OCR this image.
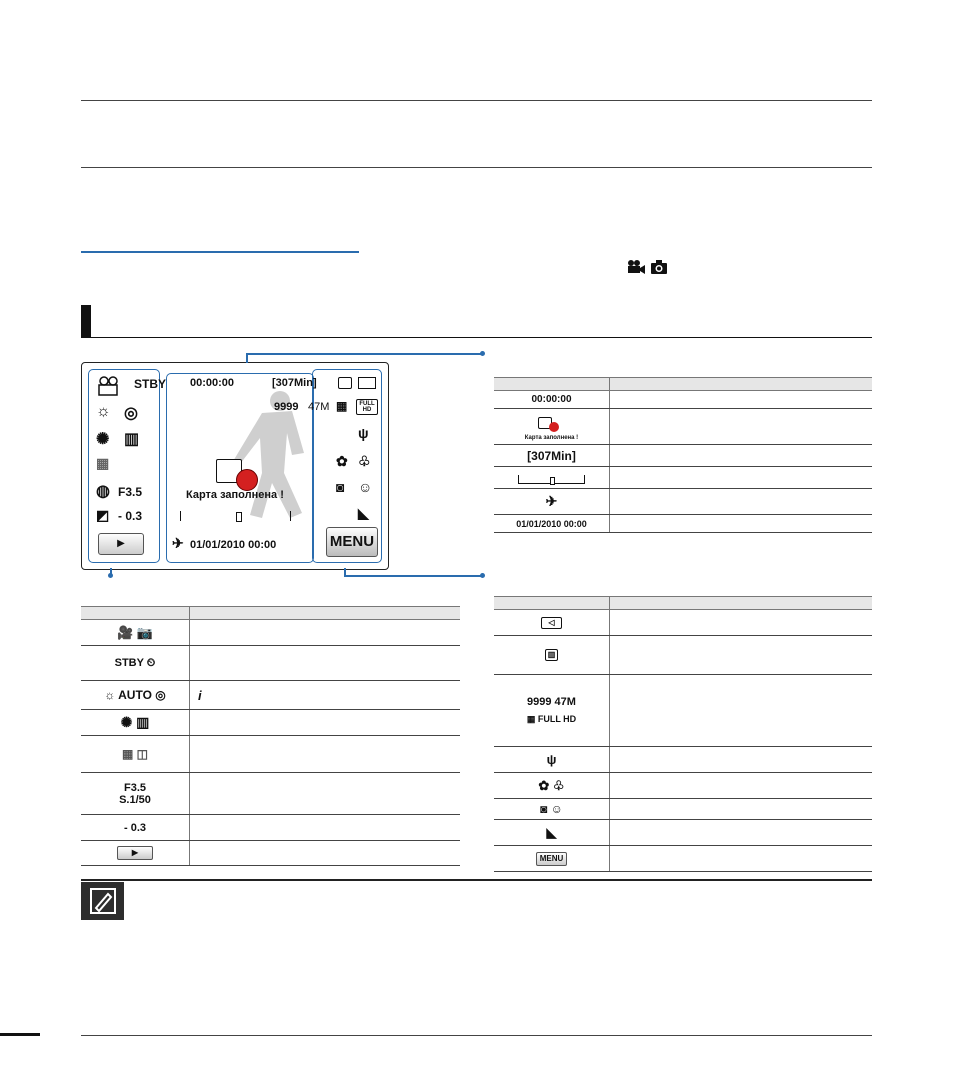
STBY
☼ ◎
✺ ▥
▦
◍ F3.5
◩ - 0.3
▶
00:00:00	[307Min]
Карта заполнена !
✈ 01/01/2010 00:00
9999 47M ▦	FULL HD
ψ
✿ ♧
◙ ☺
◣
MENU

00:00:00	

Карта заполнена !	

[307Min]	

✈	
01/01/2010 00:00	

🎥 📷	
STBY ⏲	
☼ AUTO ◎	i
✺ ▥	
▦ ◫	

F3.5
S.1/50	

- 0.3	
▶	

◁	
▥	

9999 47M
▦ FULL HD	

ψ	
✿ ♧	
◙ ☺	
◣	
MENU	
